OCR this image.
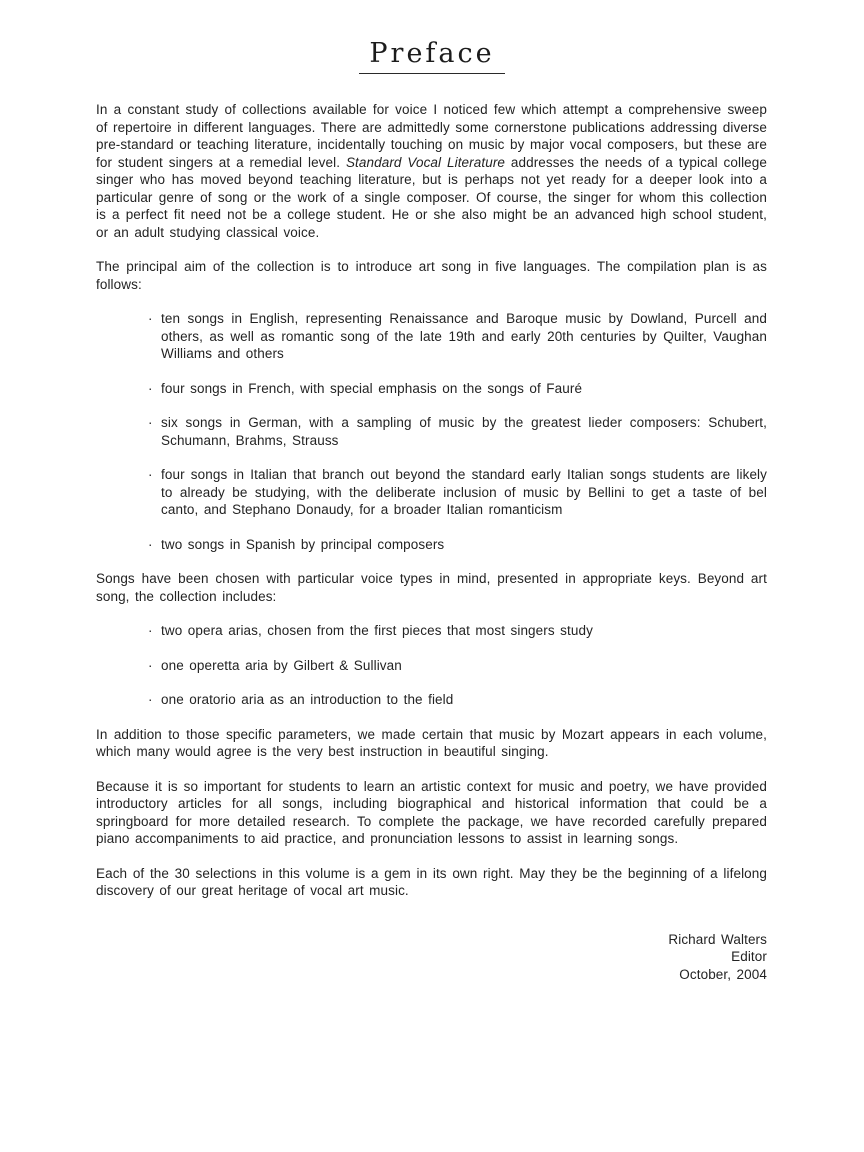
Preface

In a constant study of collections available for voice I noticed few which attempt a comprehensive sweep of repertoire in different languages. There are admittedly some cornerstone publications addressing diverse pre-standard or teaching literature, incidentally touching on music by major vocal composers, but these are for student singers at a remedial level. Standard Vocal Literature addresses the needs of a typical college singer who has moved beyond teaching literature, but is perhaps not yet ready for a deeper look into a particular genre of song or the work of a single composer. Of course, the singer for whom this collection is a perfect fit need not be a college student. He or she also might be an advanced high school student, or an adult studying classical voice.

The principal aim of the collection is to introduce art song in five languages. The compilation plan is as follows:

· ten songs in English, representing Renaissance and Baroque music by Dowland, Purcell and others, as well as romantic song of the late 19th and early 20th centuries by Quilter, Vaughan Williams and others
· four songs in French, with special emphasis on the songs of Fauré
· six songs in German, with a sampling of music by the greatest lieder composers: Schubert, Schumann, Brahms, Strauss
· four songs in Italian that branch out beyond the standard early Italian songs students are likely to already be studying, with the deliberate inclusion of music by Bellini to get a taste of bel canto, and Stephano Donaudy, for a broader Italian romanticism
· two songs in Spanish by principal composers

Songs have been chosen with particular voice types in mind, presented in appropriate keys. Beyond art song, the collection includes:

· two opera arias, chosen from the first pieces that most singers study
· one operetta aria by Gilbert & Sullivan
· one oratorio aria as an introduction to the field

In addition to those specific parameters, we made certain that music by Mozart appears in each volume, which many would agree is the very best instruction in beautiful singing.

Because it is so important for students to learn an artistic context for music and poetry, we have provided introductory articles for all songs, including biographical and historical information that could be a springboard for more detailed research. To complete the package, we have recorded carefully prepared piano accompaniments to aid practice, and pronunciation lessons to assist in learning songs.

Each of the 30 selections in this volume is a gem in its own right. May they be the beginning of a lifelong discovery of our great heritage of vocal art music.

Richard Walters
Editor
October, 2004
